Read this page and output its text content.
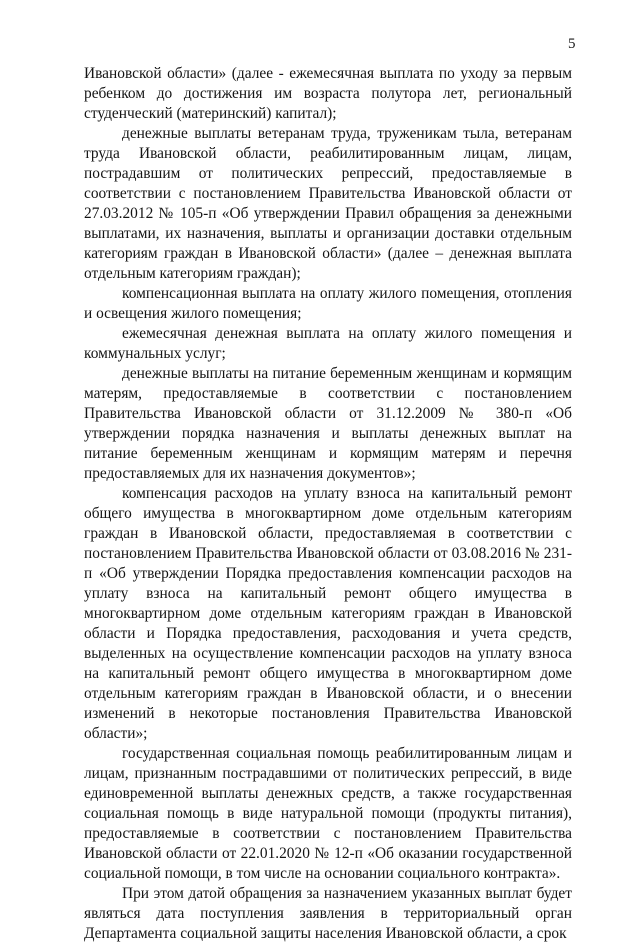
5

Ивановской области» (далее - ежемесячная выплата по уходу за первым ребенком до достижения им возраста полутора лет, региональный студенческий (материнский) капитал);

денежные выплаты ветеранам труда, труженикам тыла, ветеранам труда Ивановской области, реабилитированным лицам, лицам, пострадавшим от политических репрессий, предоставляемые в соответствии с постановлением Правительства Ивановской области от 27.03.2012 № 105-п «Об утверждении Правил обращения за денежными выплатами, их назначения, выплаты и организации доставки отдельным категориям граждан в Ивановской области» (далее – денежная выплата отдельным категориям граждан);

компенсационная выплата на оплату жилого помещения, отопления и освещения жилого помещения;

ежемесячная денежная выплата на оплату жилого помещения и коммунальных услуг;

денежные выплаты на питание беременным женщинам и кормящим матерям, предоставляемые в соответствии с постановлением Правительства Ивановской области от 31.12.2009 № 380-п «Об утверждении порядка назначения и выплаты денежных выплат на питание беременным женщинам и кормящим матерям и перечня предоставляемых для их назначения документов»;

компенсация расходов на уплату взноса на капитальный ремонт общего имущества в многоквартирном доме отдельным категориям граждан в Ивановской области, предоставляемая в соответствии с постановлением Правительства Ивановской области от 03.08.2016 № 231-п «Об утверждении Порядка предоставления компенсации расходов на уплату взноса на капитальный ремонт общего имущества в многоквартирном доме отдельным категориям граждан в Ивановской области и Порядка предоставления, расходования и учета средств, выделенных на осуществление компенсации расходов на уплату взноса на капитальный ремонт общего имущества в многоквартирном доме отдельным категориям граждан в Ивановской области, и о внесении изменений в некоторые постановления Правительства Ивановской области»;

государственная социальная помощь реабилитированным лицам и лицам, признанным пострадавшими от политических репрессий, в виде единовременной выплаты денежных средств, а также государственная социальная помощь в виде натуральной помощи (продукты питания), предоставляемые в соответствии с постановлением Правительства Ивановской области от 22.01.2020 № 12-п «Об оказании государственной социальной помощи, в том числе на основании социального контракта».

При этом датой обращения за назначением указанных выплат будет являться дата поступления заявления в территориальный орган Департамента социальной защиты населения Ивановской области, а срок
